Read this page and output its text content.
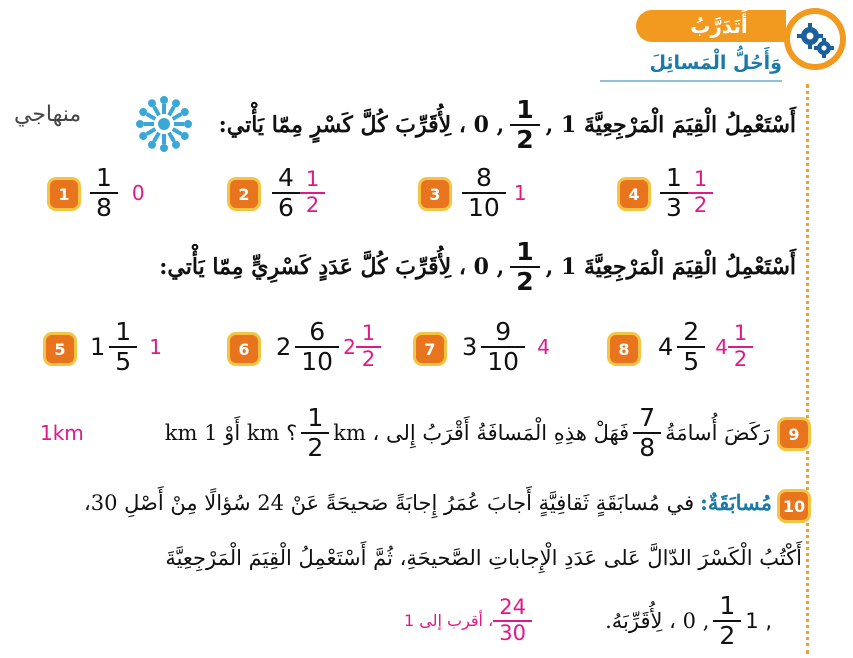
أَتَدَرَّبُ
وَأَحُلُّ الْمَسائِلَ
منهاجي	, 0 ، لِأُقَرِّبَ كُلَّ كَسْرٍ مِمّا يَأْتي: $\frac{1}{2}$ أَسْتَعْمِلُ الْقِيَمَ الْمَرْجِعِيَّةَ 1 ,
$4 \frac{1}{3} \frac{1}{2}$
$3 \frac{8}{10} 1$
$2 \frac{4}{6} \frac{1}{2}$
$1 \frac{1}{8} 0$
, 0 ، لِأُقَرِّبَ كُلَّ عَدَدٍ كَسْرِيٍّ مِمّا يَأْتي: $\frac{1}{2}$ أَسْتَعْمِلُ الْقِيَمَ الْمَرْجِعِيَّةَ 1 ,
8	$4 \frac{2}{5} 4 \frac{1}{2}$
7	$3 \frac{9}{10} 4$
6	$2 \frac{6}{10} 2 \frac{1}{2}$
5	$1 \frac{1}{5} 1$
9
1km	km أَوْ 1 km ؟ $\frac{1}{2}$ km ، فَهَلْ هذِهِ الْمَسافَةُ أَقْرَبُ إِلى $\frac{7}{8}$ رَكَضَ أُسامَةُ
10
في مُسابَقَةٍ ثَقافِيَّةٍ أَجابَ عُمَرُ إِجابَةً صَحيحَةً عَنْ 24 سُؤالًا مِنْ أَصْلِ 30، مُسابَقَةٌ:
أَكْتُبُ الْكَسْرَ الدّالَّ عَلى عَدَدِ الْإِجاباتِ الصَّحيحَةِ، ثُمَّ أَسْتَعْمِلُ الْقِيَمَ الْمَرْجِعِيَّةَ
, 0 ، لِأُقَرِّبَهُ. $\frac{1}{2} 1$ ,
، أقرب إلى $1 \frac{24}{30}$
